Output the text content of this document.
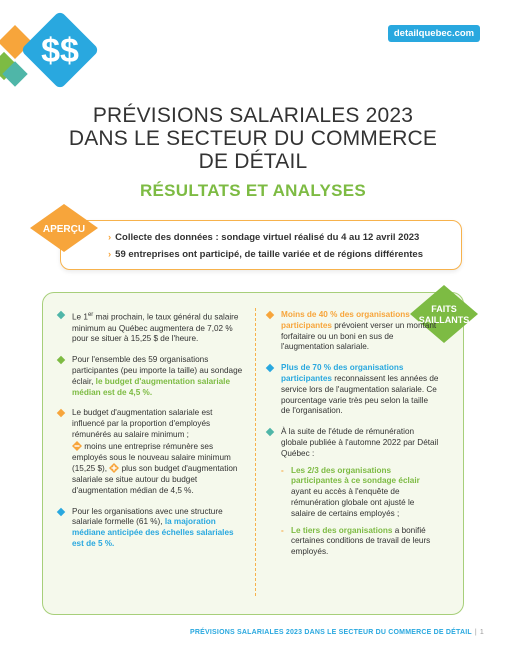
$$	detailquebec.com
PRÉVISIONS SALARIALES 2023
DANS LE SECTEUR DU COMMERCE
DE DÉTAIL
RÉSULTATS ET ANALYSES
APERÇU
› Collecte des données : sondage virtuel réalisé du 4 au 12 avril 2023
› 59 entreprises ont participé, de taille variée et de régions différentes
FAITS
SAILLANTS
Le 1er mai prochain, le taux général du salaire minimum au Québec augmentera de 7,02 % pour se situer à 15,25 $ de l'heure.
Pour l'ensemble des 59 organisations participantes (peu importe la taille) au sondage éclair, le budget d'augmentation salariale médian est de 4,5 %.
Le budget d'augmentation salariale est influencé par la proportion d'employés rémunérés au salaire minimum ;
moins une entreprise rémunère ses employés sous le nouveau salaire minimum (15,25 $),  plus son budget d'augmentation salariale se situe autour du budget d'augmentation médian de 4,5 %.
Pour les organisations avec une structure salariale formelle (61 %), la majoration médiane anticipée des échelles salariales est de 5 %.
Moins de 40 % des organisations participantes prévoient verser un montant forfaitaire ou un boni en sus de l'augmentation salariale.
Plus de 70 % des organisations participantes reconnaissent les années de service lors de l'augmentation salariale. Ce pourcentage varie très peu selon la taille de l'organisation.
À la suite de l'étude de rémunération globale publiée à l'automne 2022 par Détail Québec :
- Les 2/3 des organisations participantes à ce sondage éclair ayant eu accès à l'enquête de rémunération globale ont ajusté le salaire de certains employés ;
- Le tiers des organisations a bonifié certaines conditions de travail de leurs employés.
PRÉVISIONS SALARIALES 2023 DANS LE SECTEUR DU COMMERCE DE DÉTAIL | 1
